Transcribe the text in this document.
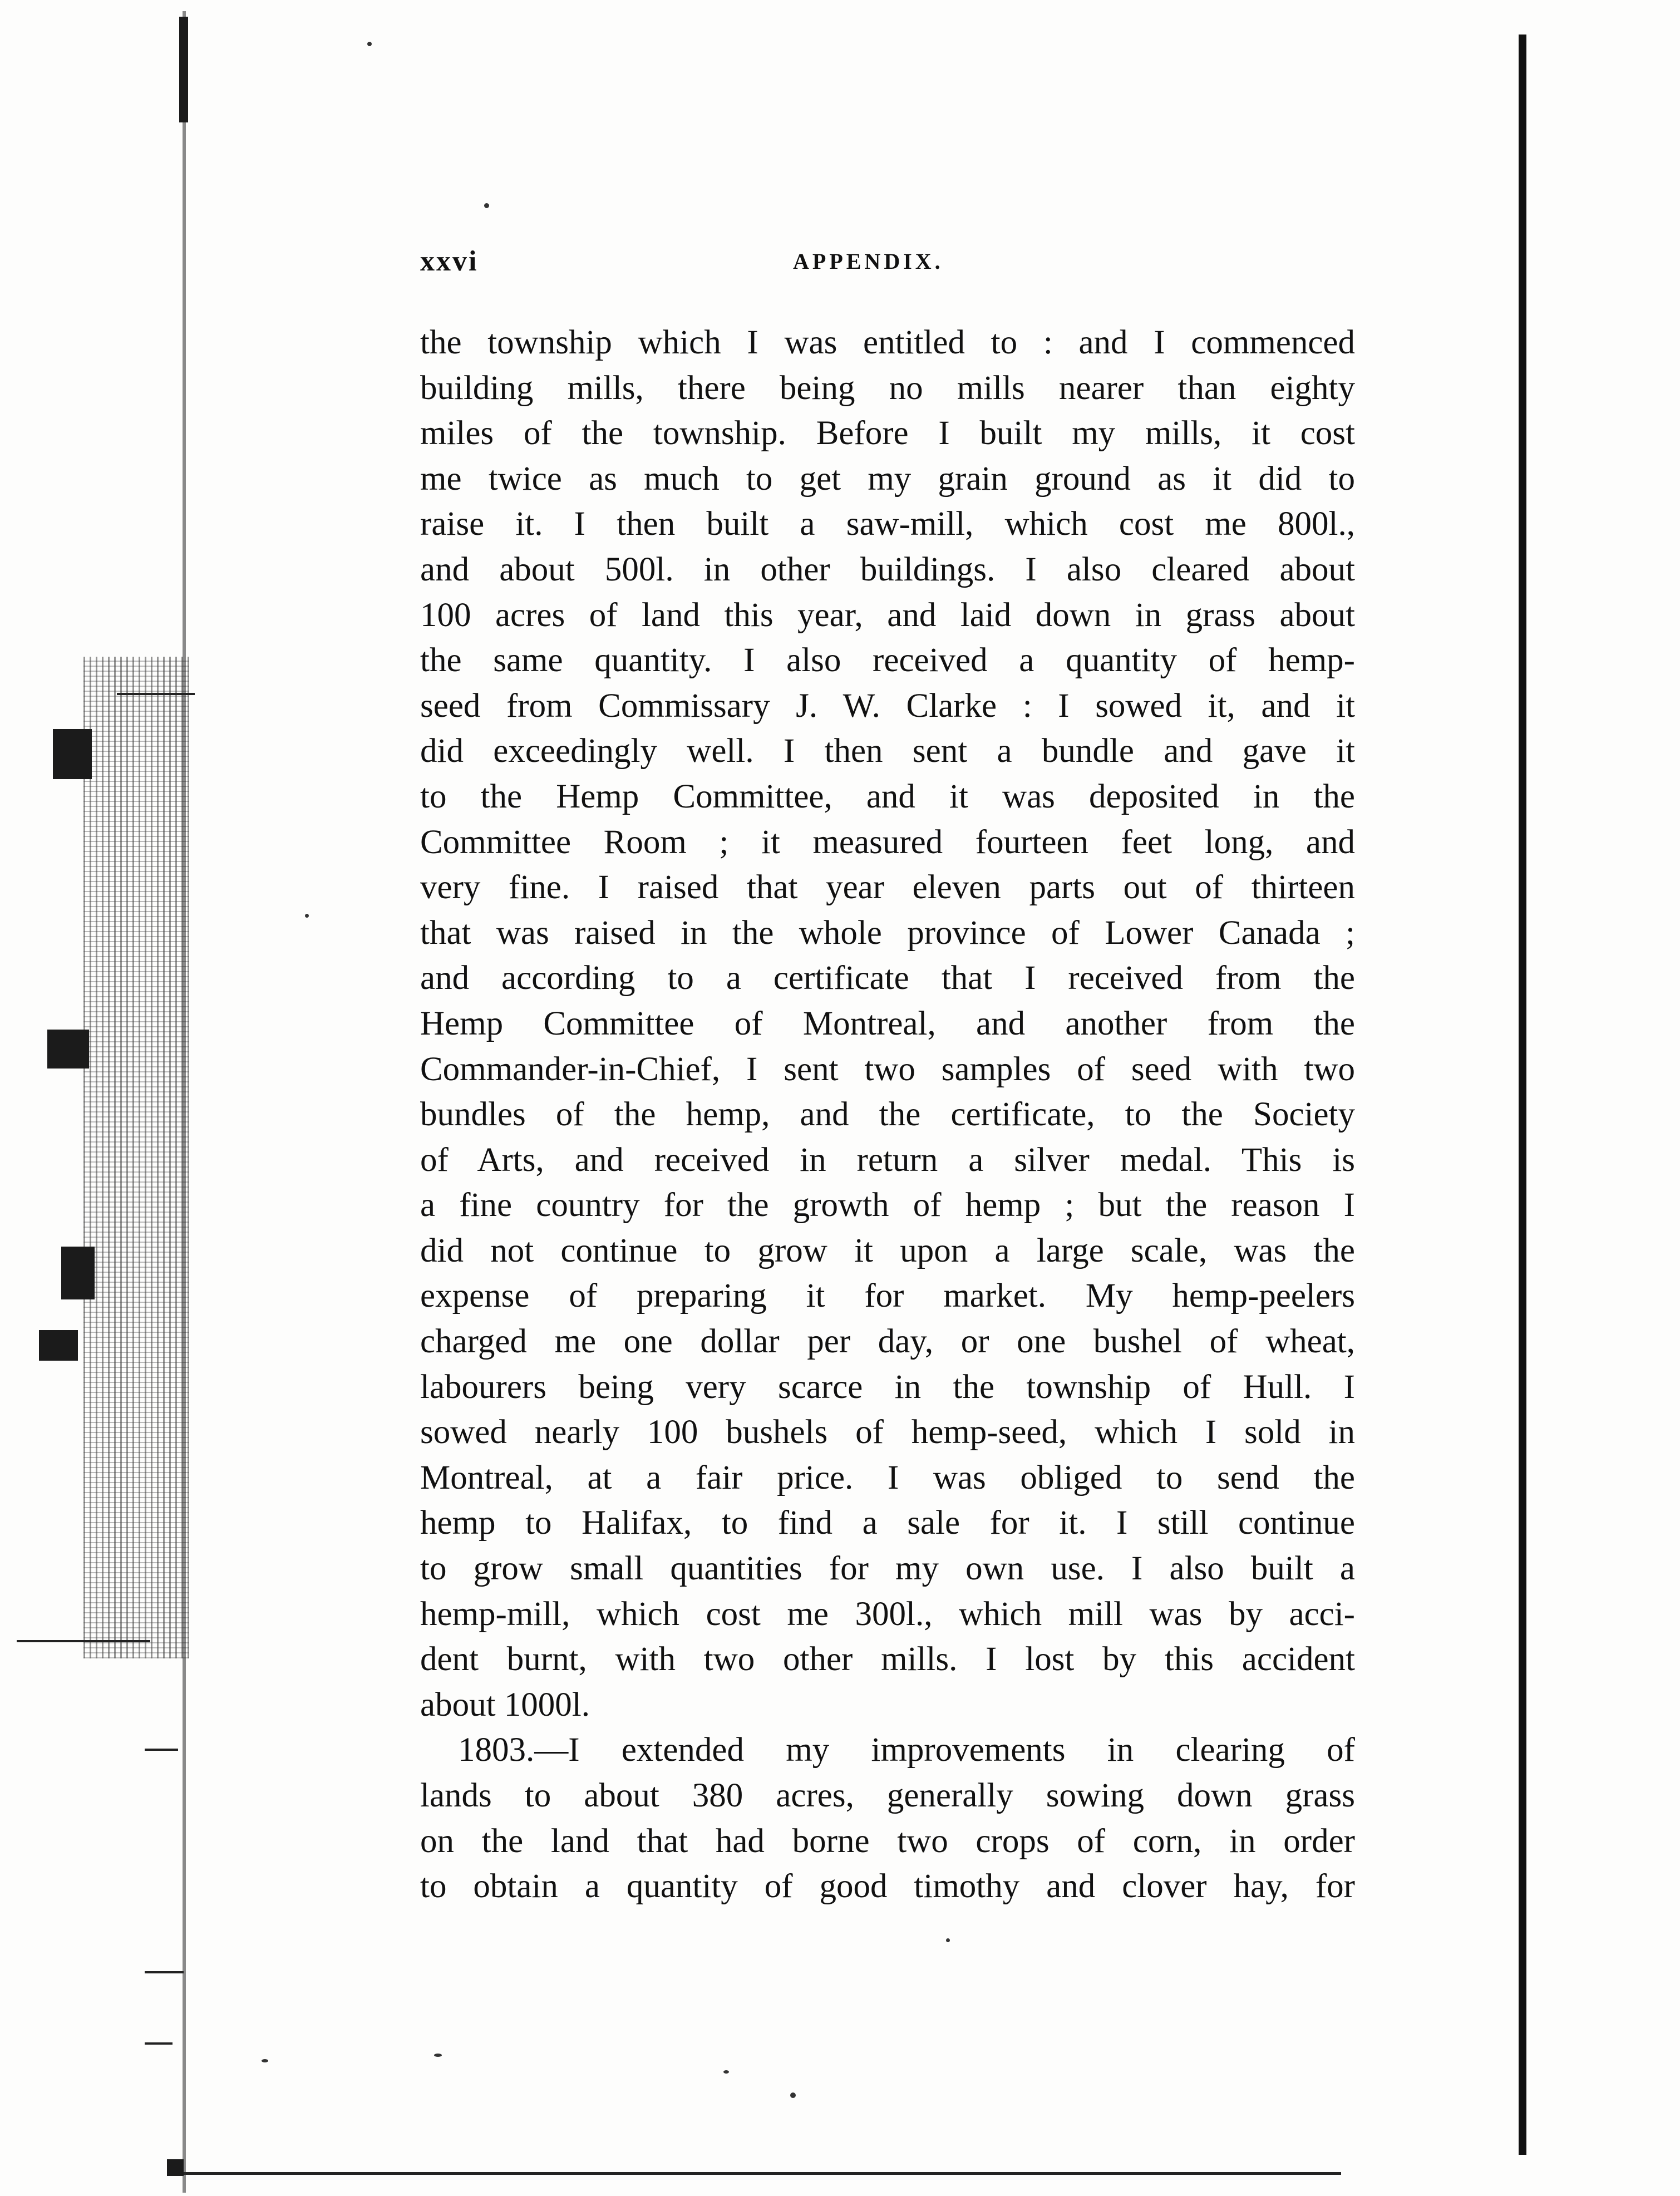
xxvi	APPENDIX.
the township which I was entitled to : and I commenced
building mills, there being no mills nearer than eighty
miles of the township. Before I built my mills, it cost
me twice as much to get my grain ground as it did to
raise it. I then built a saw-mill, which cost me 800l.,
and about 500l. in other buildings. I also cleared about
100 acres of land this year, and laid down in grass about
the same quantity. I also received a quantity of hemp-
seed from Commissary J. W. Clarke : I sowed it, and it
did exceedingly well. I then sent a bundle and gave it
to the Hemp Committee, and it was deposited in the
Committee Room ; it measured fourteen feet long, and
very fine. I raised that year eleven parts out of thirteen
that was raised in the whole province of Lower Canada ;
and according to a certificate that I received from the
Hemp Committee of Montreal, and another from the
Commander-in-Chief, I sent two samples of seed with two
bundles of the hemp, and the certificate, to the Society
of Arts, and received in return a silver medal. This is
a fine country for the growth of hemp ; but the reason I
did not continue to grow it upon a large scale, was the
expense of preparing it for market. My hemp-peelers
charged me one dollar per day, or one bushel of wheat,
labourers being very scarce in the township of Hull. I
sowed nearly 100 bushels of hemp-seed, which I sold in
Montreal, at a fair price. I was obliged to send the
hemp to Halifax, to find a sale for it. I still continue
to grow small quantities for my own use. I also built a
hemp-mill, which cost me 300l., which mill was by acci-
dent burnt, with two other mills. I lost by this accident
about 1000l.
1803.—I extended my improvements in clearing of
lands to about 380 acres, generally sowing down grass
on the land that had borne two crops of corn, in order
to obtain a quantity of good timothy and clover hay, for
